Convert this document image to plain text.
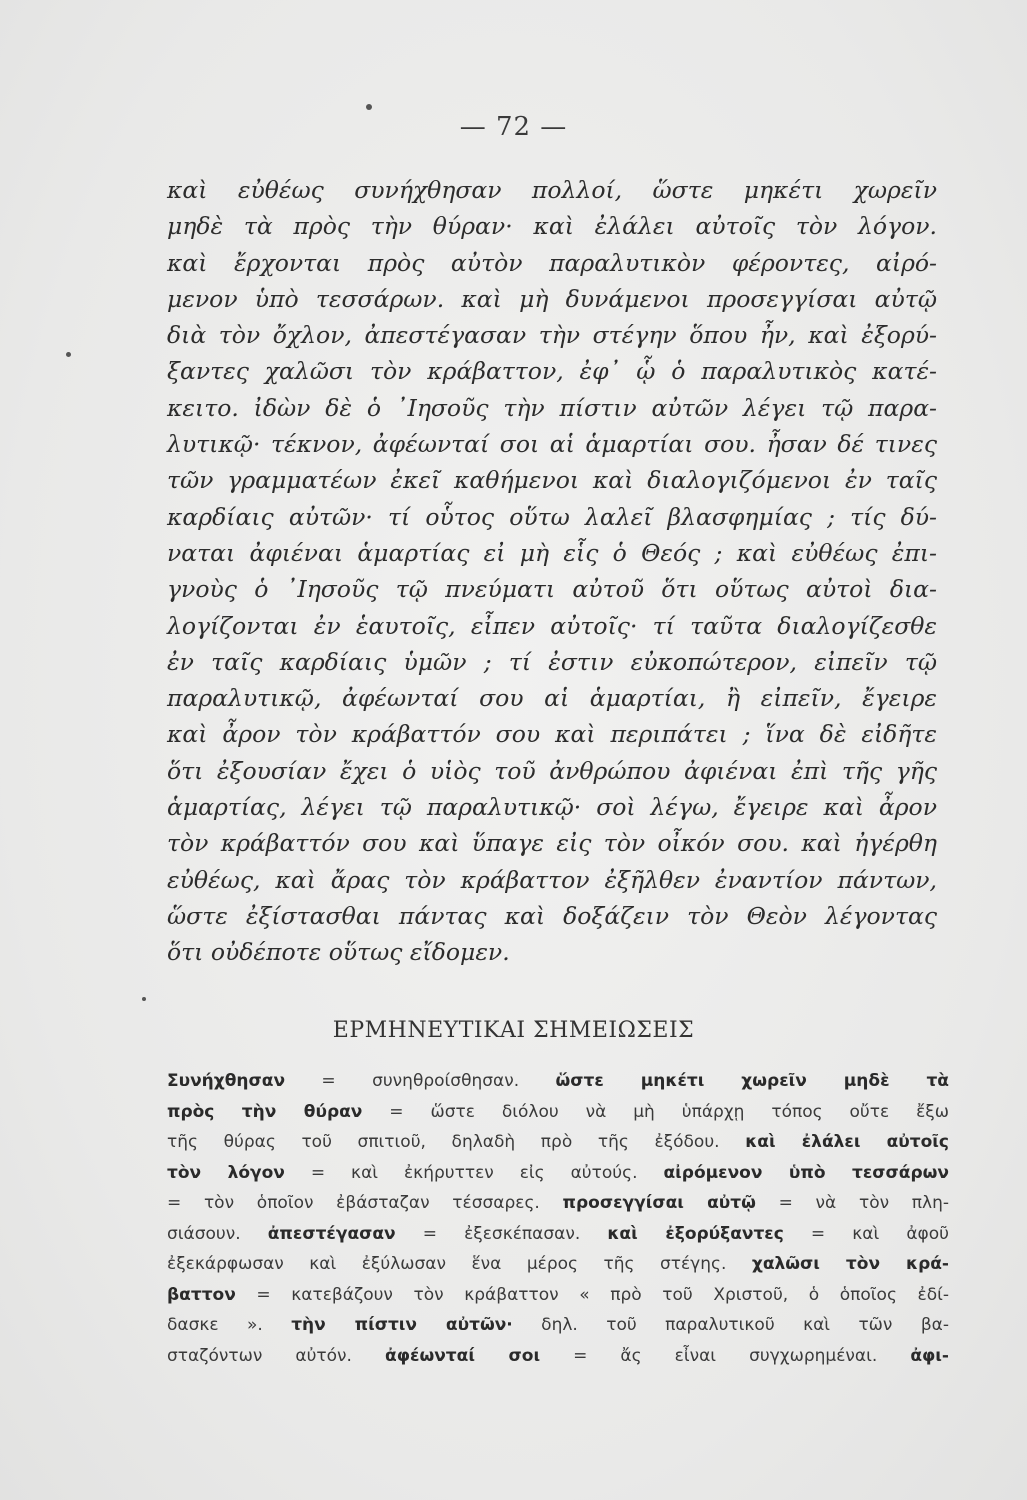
— 72 —
καὶ εὐθέως συνήχθησαν πολλοί, ὥστε μηκέτι χωρεῖν
μηδὲ τὰ πρὸς τὴν θύραν· καὶ ἐλάλει αὐτοῖς τὸν λόγον.
καὶ ἔρχονται πρὸς αὐτὸν παραλυτικὸν φέροντες, αἰρό-
μενον ὑπὸ τεσσάρων. καὶ μὴ δυνάμενοι προσεγγίσαι αὐτῷ
διὰ τὸν ὄχλον, ἀπεστέγασαν τὴν στέγην ὅπου ἦν, καὶ ἐξορύ-
ξαντες χαλῶσι τὸν κράβαττον, ἐφ᾽ ᾧ ὁ παραλυτικὸς κατέ-
κειτο. ἰδὼν δὲ ὁ ᾿Ιησοῦς τὴν πίστιν αὐτῶν λέγει τῷ παρα-
λυτικῷ· τέκνον, ἀφέωνταί σοι αἱ ἁμαρτίαι σου. ἦσαν δέ τινες
τῶν γραμματέων ἐκεῖ καθήμενοι καὶ διαλογιζόμενοι ἐν ταῖς
καρδίαις αὐτῶν· τί οὗτος οὕτω λαλεῖ βλασφημίας ; τίς δύ-
ναται ἀφιέναι ἁμαρτίας εἰ μὴ εἷς ὁ Θεός ; καὶ εὐθέως ἐπι-
γνοὺς ὁ ᾿Ιησοῦς τῷ πνεύματι αὐτοῦ ὅτι οὕτως αὐτοὶ δια-
λογίζονται ἐν ἑαυτοῖς, εἶπεν αὐτοῖς· τί ταῦτα διαλογίζεσθε
ἐν ταῖς καρδίαις ὑμῶν ; τί ἐστιν εὐκοπώτερον, εἰπεῖν τῷ
παραλυτικῷ, ἀφέωνταί σου αἱ ἁμαρτίαι, ἢ εἰπεῖν, ἔγειρε
καὶ ἆρον τὸν κράβαττόν σου καὶ περιπάτει ; ἵνα δὲ εἰδῆτε
ὅτι ἐξουσίαν ἔχει ὁ υἱὸς τοῦ ἀνθρώπου ἀφιέναι ἐπὶ τῆς γῆς
ἁμαρτίας, λέγει τῷ παραλυτικῷ· σοὶ λέγω, ἔγειρε καὶ ἆρον
τὸν κράβαττόν σου καὶ ὕπαγε εἰς τὸν οἶκόν σου. καὶ ἠγέρθη
εὐθέως, καὶ ἄρας τὸν κράβαττον ἐξῆλθεν ἐναντίον πάντων,
ὥστε ἐξίστασθαι πάντας καὶ δοξάζειν τὸν Θεὸν λέγοντας
ὅτι οὐδέποτε οὕτως εἴδομεν.
ΕΡΜΗΝΕΥΤΙΚΑΙ ΣΗΜΕΙΩΣΕΙΣ
Συνήχθησαν = συνηθροίσθησαν. ὥστε μηκέτι χωρεῖν μηδὲ τὰ
πρὸς τὴν θύραν = ὥστε διόλου νὰ μὴ ὑπάρχῃ τόπος οὔτε ἔξω
τῆς θύρας τοῦ σπιτιοῦ, δηλαδὴ πρὸ τῆς ἐξόδου. καὶ ἐλάλει αὐτοῖς
τὸν λόγον = καὶ ἐκήρυττεν εἰς αὐτούς. αἰρόμενον ὑπὸ τεσσάρων
= τὸν ὁποῖον ἐβάσταζαν τέσσαρες. προσεγγίσαι αὐτῷ = νὰ τὸν πλη-
σιάσουν. ἀπεστέγασαν = ἐξεσκέπασαν. καὶ ἐξορύξαντες = καὶ ἀφοῦ
ἐξεκάρφωσαν καὶ ἐξύλωσαν ἕνα μέρος τῆς στέγης. χαλῶσι τὸν κρά-
βαττον = κατεβάζουν τὸν κράβαττον « πρὸ τοῦ Χριστοῦ, ὁ ὁποῖος ἐδί-
δασκε ». τὴν πίστιν αὐτῶν· δηλ. τοῦ παραλυτικοῦ καὶ τῶν βα-
σταζόντων αὐτόν. ἀφέωνταί σοι = ἄς εἶναι συγχωρημέναι. ἀφι-
